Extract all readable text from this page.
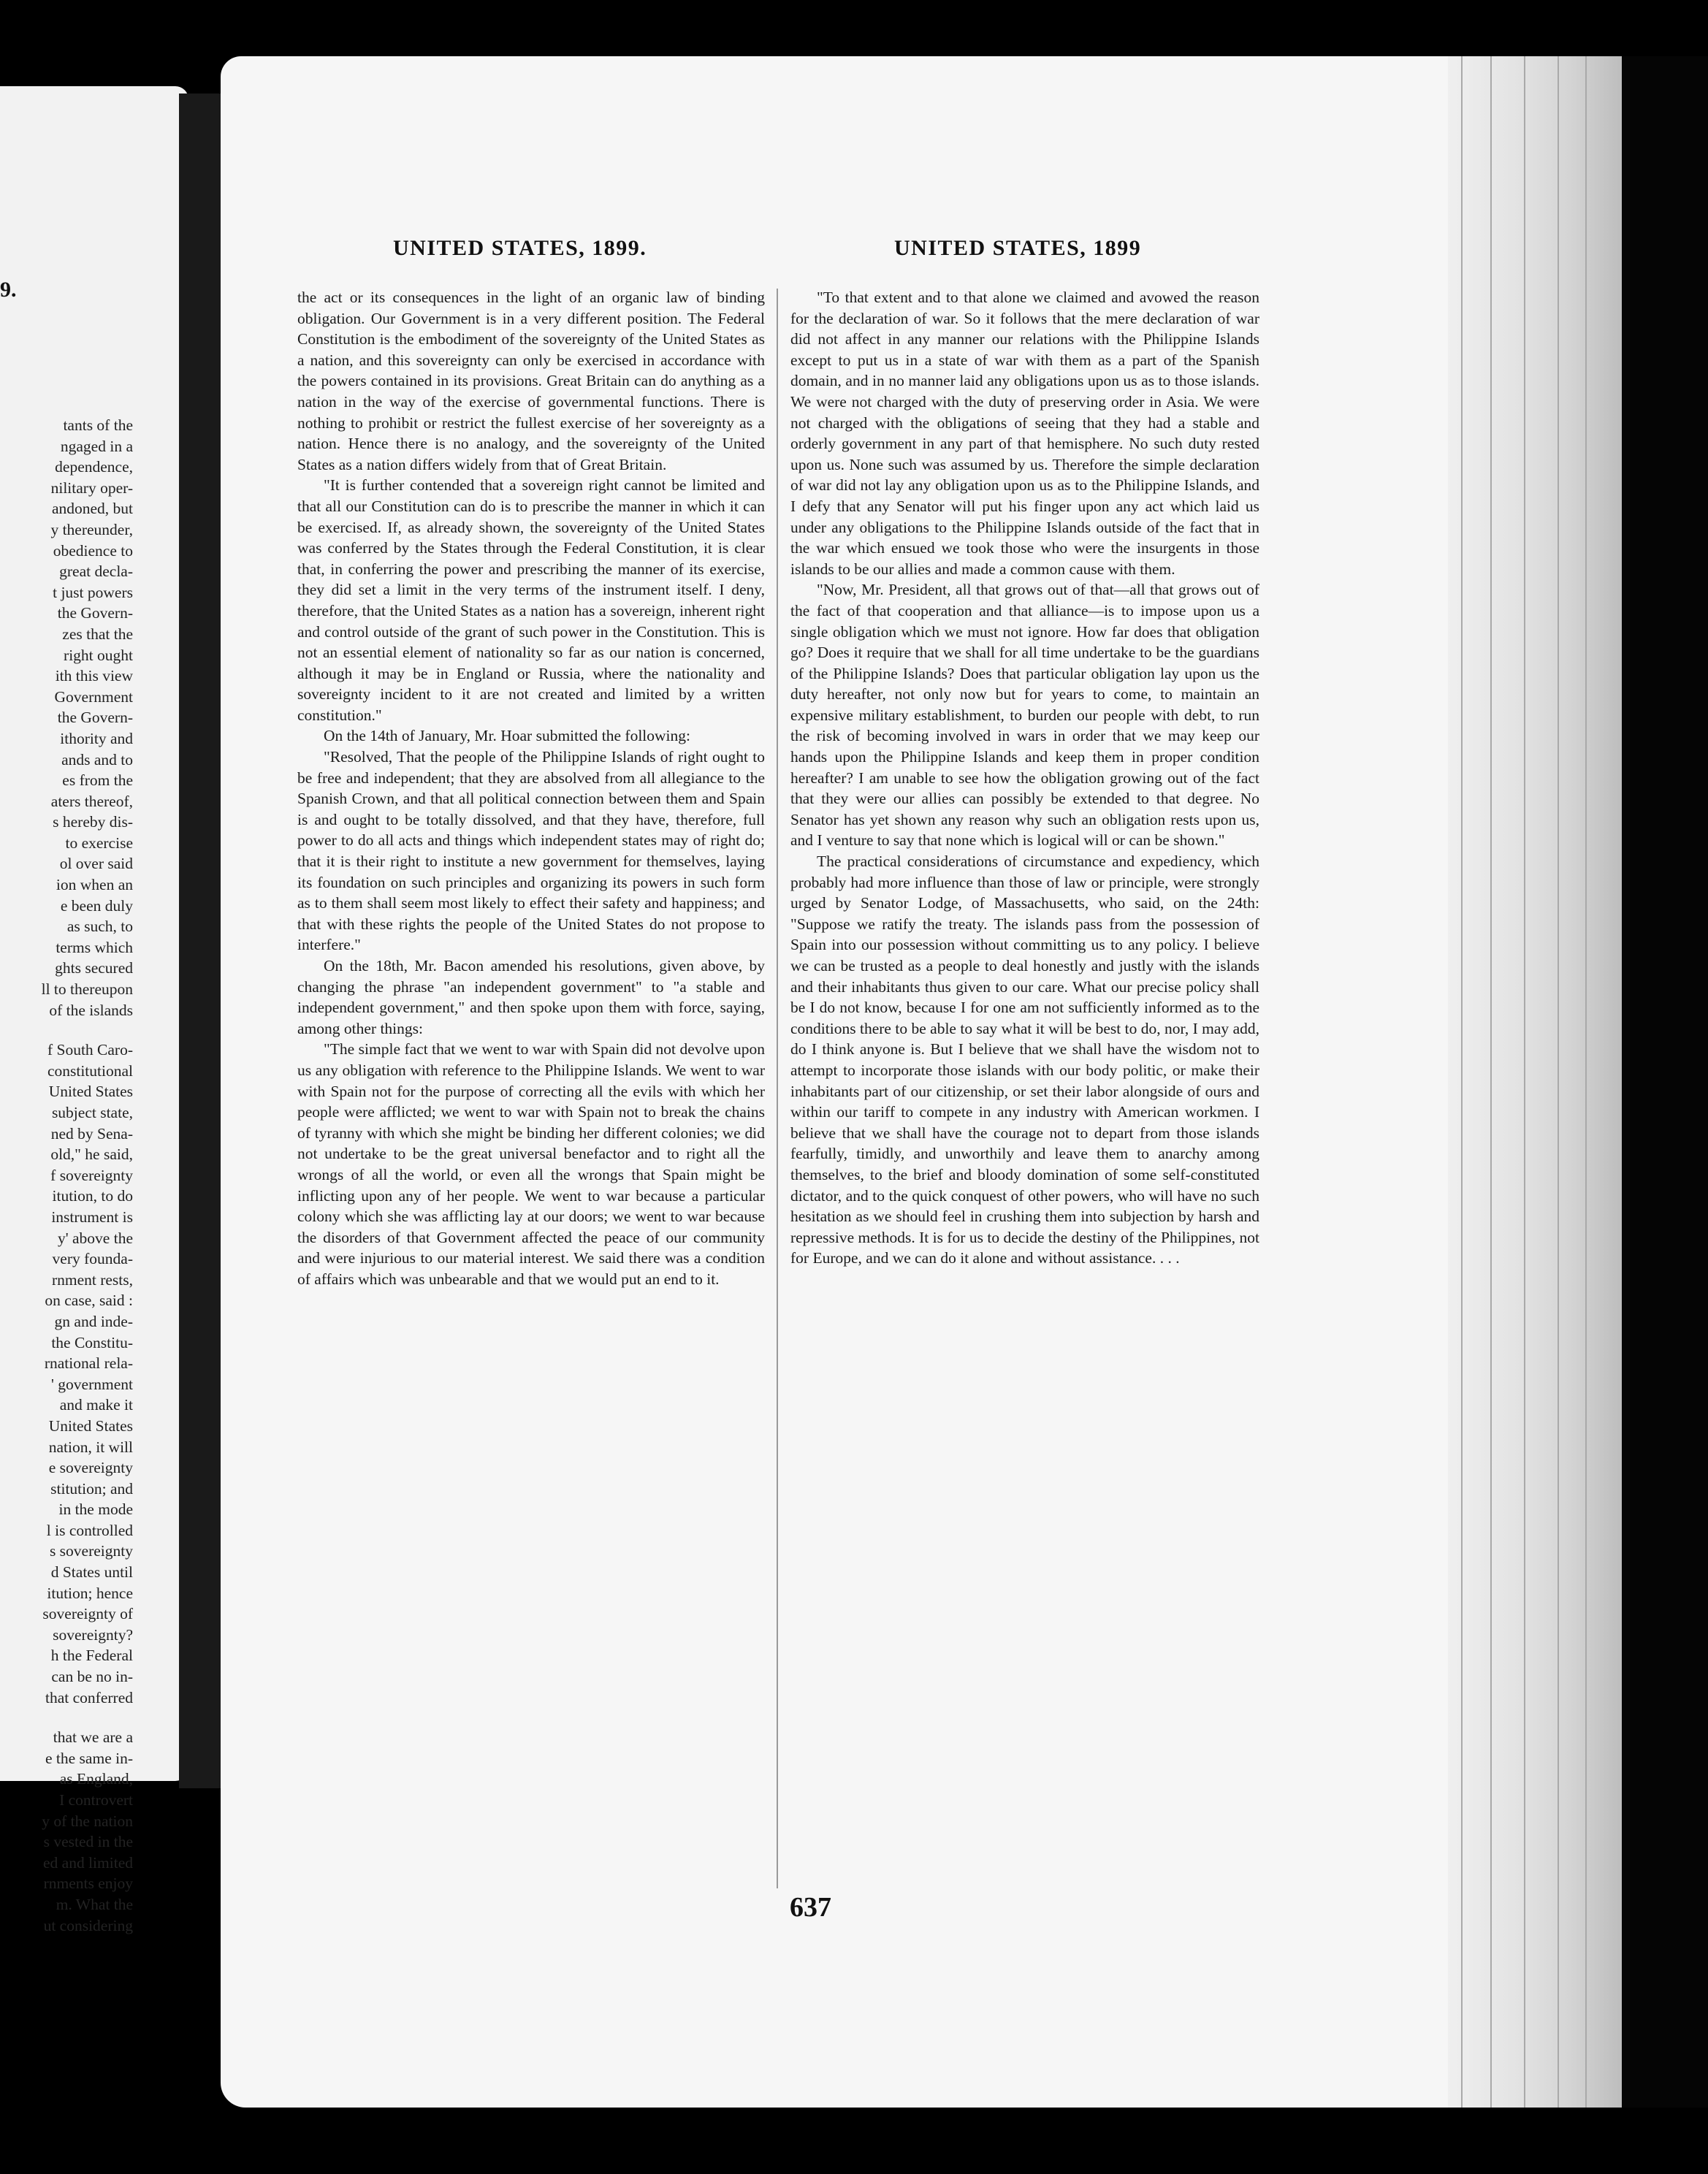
9.
tants of the
ngaged in a
dependence,
nilitary oper-
andoned, but
y thereunder,
obedience to
great decla-
t just powers
the Govern-
zes that the
right ought
ith this view
Government
the Govern-
ithority and
ands and to
es from the
aters thereof,
s hereby dis-
to exercise
ol over said
ion when an
e been duly
as such, to
terms which
ghts secured
ll to thereupon
of the islands
f South Caro-
constitutional
United States
subject state,
ned by Sena-
old," he said,
f sovereignty
itution, to do
instrument is
y' above the
very founda-
rnment rests,
on case, said :
gn and inde-
the Constitu-
rnational rela-
' government
and make it
United States
nation, it will
e sovereignty
stitution; and
in the mode
l is controlled
s sovereignty
d States until
itution; hence
sovereignty of
sovereignty?
h the Federal
can be no in-
that conferred
that we are a
e the same in-
as England,
I controvert
y of the nation
s vested in the
ed and limited
rnments enjoy
m. What the
ut considering
UNITED STATES, 1899.	UNITED STATES, 1899

the act or its consequences in the light of an organic law of binding obligation. Our Government is in a very different position. The Federal Constitution is the embodiment of the sovereignty of the United States as a nation, and this sovereignty can only be exercised in accordance with the powers contained in its provisions. Great Britain can do anything as a nation in the way of the exercise of governmental functions. There is nothing to prohibit or restrict the fullest exercise of her sovereignty as a nation. Hence there is no analogy, and the sovereignty of the United States as a nation differs widely from that of Great Britain.

"It is further contended that a sovereign right cannot be limited and that all our Constitution can do is to prescribe the manner in which it can be exercised. If, as already shown, the sovereignty of the United States was conferred by the States through the Federal Constitution, it is clear that, in conferring the power and prescribing the manner of its exercise, they did set a limit in the very terms of the instrument itself. I deny, therefore, that the United States as a nation has a sovereign, inherent right and control outside of the grant of such power in the Constitution. This is not an essential element of nationality so far as our nation is concerned, although it may be in England or Russia, where the nationality and sovereignty incident to it are not created and limited by a written constitution."

On the 14th of January, Mr. Hoar submitted the following:

"Resolved, That the people of the Philippine Islands of right ought to be free and independent; that they are absolved from all allegiance to the Spanish Crown, and that all political connection between them and Spain is and ought to be totally dissolved, and that they have, therefore, full power to do all acts and things which independent states may of right do; that it is their right to institute a new government for themselves, laying its foundation on such principles and organizing its powers in such form as to them shall seem most likely to effect their safety and happiness; and that with these rights the people of the United States do not propose to interfere."

On the 18th, Mr. Bacon amended his resolutions, given above, by changing the phrase "an independent government" to "a stable and independent government," and then spoke upon them with force, saying, among other things:

"The simple fact that we went to war with Spain did not devolve upon us any obligation with reference to the Philippine Islands. We went to war with Spain not for the purpose of correcting all the evils with which her people were afflicted; we went to war with Spain not to break the chains of tyranny with which she might be binding her different colonies; we did not undertake to be the great universal benefactor and to right all the wrongs of all the world, or even all the wrongs that Spain might be inflicting upon any of her people. We went to war because a particular colony which she was afflicting lay at our doors; we went to war because the disorders of that Government affected the peace of our community and were injurious to our material interest. We said there was a condition of affairs which was unbearable and that we would put an end to it.

"To that extent and to that alone we claimed and avowed the reason for the declaration of war. So it follows that the mere declaration of war did not affect in any manner our relations with the Philippine Islands except to put us in a state of war with them as a part of the Spanish domain, and in no manner laid any obligations upon us as to those islands. We were not charged with the duty of preserving order in Asia. We were not charged with the obligations of seeing that they had a stable and orderly government in any part of that hemisphere. No such duty rested upon us. None such was assumed by us. Therefore the simple declaration of war did not lay any obligation upon us as to the Philippine Islands, and I defy that any Senator will put his finger upon any act which laid us under any obligations to the Philippine Islands outside of the fact that in the war which ensued we took those who were the insurgents in those islands to be our allies and made a common cause with them.

"Now, Mr. President, all that grows out of that—all that grows out of the fact of that cooperation and that alliance—is to impose upon us a single obligation which we must not ignore. How far does that obligation go? Does it require that we shall for all time undertake to be the guardians of the Philippine Islands? Does that particular obligation lay upon us the duty hereafter, not only now but for years to come, to maintain an expensive military establishment, to burden our people with debt, to run the risk of becoming involved in wars in order that we may keep our hands upon the Philippine Islands and keep them in proper condition hereafter? I am unable to see how the obligation growing out of the fact that they were our allies can possibly be extended to that degree. No Senator has yet shown any reason why such an obligation rests upon us, and I venture to say that none which is logical will or can be shown."

The practical considerations of circumstance and expediency, which probably had more influence than those of law or principle, were strongly urged by Senator Lodge, of Massachusetts, who said, on the 24th: "Suppose we ratify the treaty. The islands pass from the possession of Spain into our possession without committing us to any policy. I believe we can be trusted as a people to deal honestly and justly with the islands and their inhabitants thus given to our care. What our precise policy shall be I do not know, because I for one am not sufficiently informed as to the conditions there to be able to say what it will be best to do, nor, I may add, do I think anyone is. But I believe that we shall have the wisdom not to attempt to incorporate those islands with our body politic, or make their inhabitants part of our citizenship, or set their labor alongside of ours and within our tariff to compete in any industry with American workmen. I believe that we shall have the courage not to depart from those islands fearfully, timidly, and unworthily and leave them to anarchy among themselves, to the brief and bloody domination of some self-constituted dictator, and to the quick conquest of other powers, who will have no such hesitation as we should feel in crushing them into subjection by harsh and repressive methods. It is for us to decide the destiny of the Philippines, not for Europe, and we can do it alone and without assistance. . . .

637
